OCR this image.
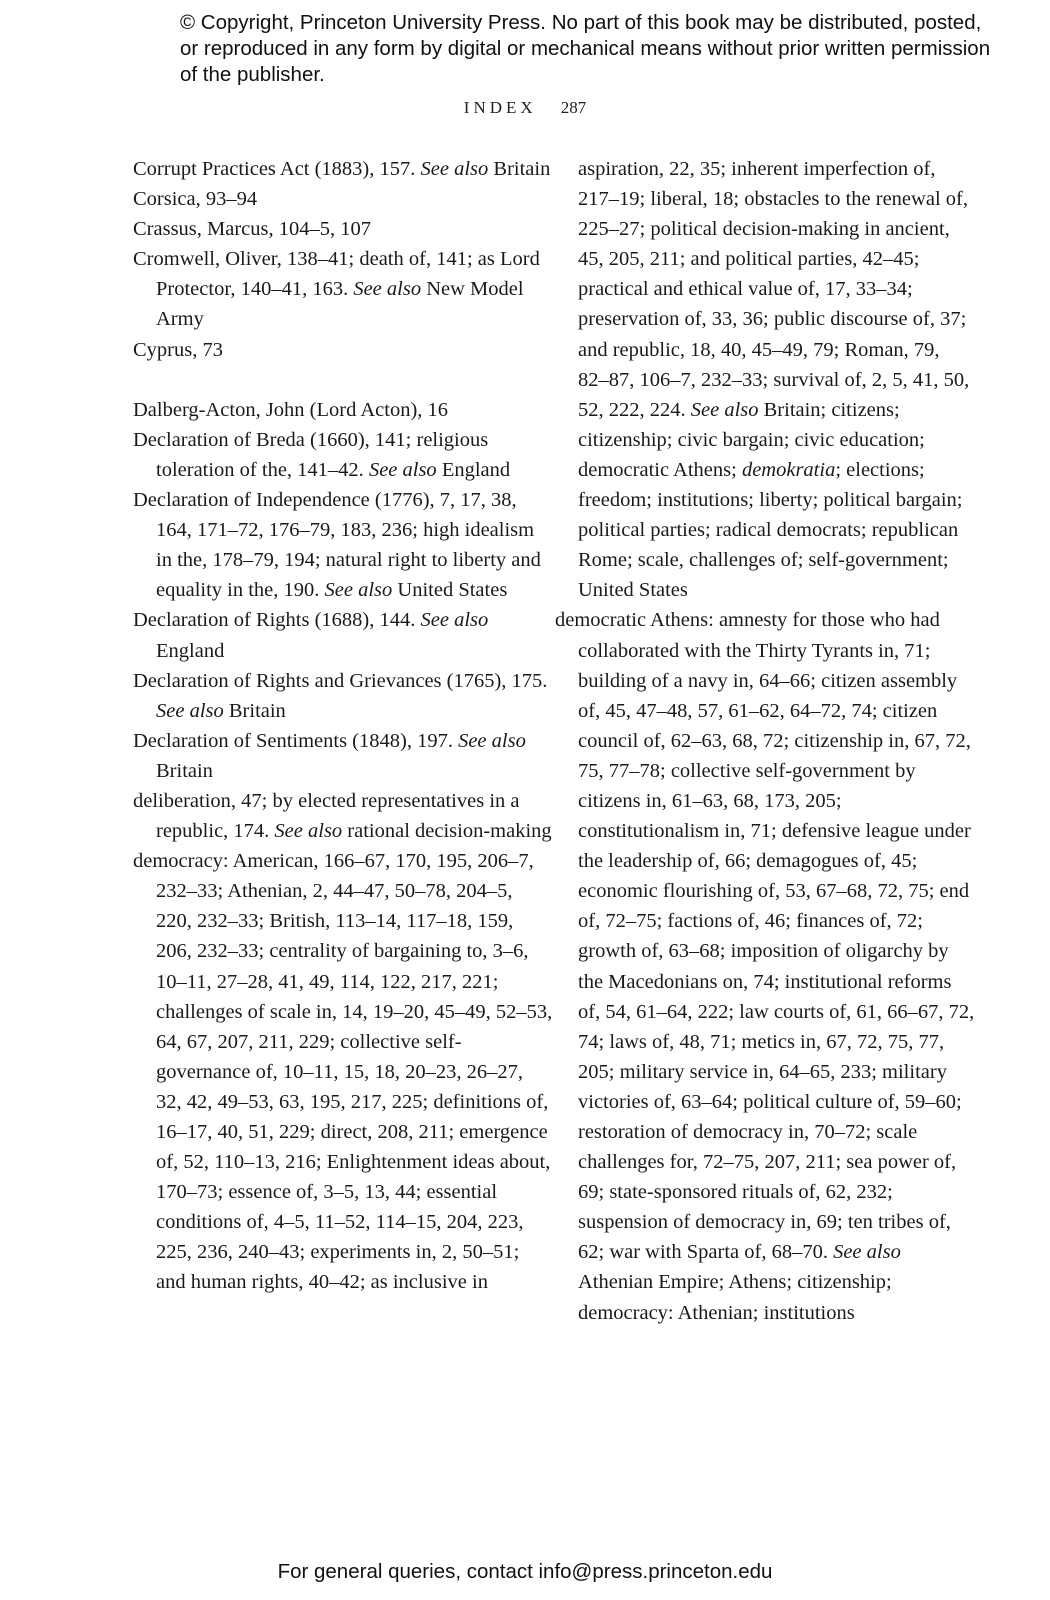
© Copyright, Princeton University Press. No part of this book may be distributed, posted, or reproduced in any form by digital or mechanical means without prior written permission of the publisher.

INDEX 287

Corrupt Practices Act (1883), 157. See also Britain

Corsica, 93–94

Crassus, Marcus, 104–5, 107

Cromwell, Oliver, 138–41; death of, 141; as Lord Protector, 140–41, 163. See also New Model Army

Cyprus, 73

Dalberg-Acton, John (Lord Acton), 16

Declaration of Breda (1660), 141; religious toleration of the, 141–42. See also England

Declaration of Independence (1776), 7, 17, 38, 164, 171–72, 176–79, 183, 236; high idealism in the, 178–79, 194; natural right to liberty and equality in the, 190. See also United States

Declaration of Rights (1688), 144. See also England

Declaration of Rights and Grievances (1765), 175. See also Britain

Declaration of Sentiments (1848), 197. See also Britain

deliberation, 47; by elected representatives in a republic, 174. See also rational decision-making

democracy: American, 166–67, 170, 195, 206–7, 232–33; Athenian, 2, 44–47, 50–78, 204–5, 220, 232–33; British, 113–14, 117–18, 159, 206, 232–33; centrality of bargaining to, 3–6, 10–11, 27–28, 41, 49, 114, 122, 217, 221; challenges of scale in, 14, 19–20, 45–49, 52–53, 64, 67, 207, 211, 229; collective self-governance of, 10–11, 15, 18, 20–23, 26–27, 32, 42, 49–53, 63, 195, 217, 225; definitions of, 16–17, 40, 51, 229; direct, 208, 211; emergence of, 52, 110–13, 216; Enlightenment ideas about, 170–73; essence of, 3–5, 13, 44; essential conditions of, 4–5, 11–52, 114–15, 204, 223, 225, 236, 240–43; experiments in, 2, 50–51; and human rights, 40–42; as inclusive in

aspiration, 22, 35; inherent imperfection of, 217–19; liberal, 18; obstacles to the renewal of, 225–27; political decision-making in ancient, 45, 205, 211; and political parties, 42–45; practical and ethical value of, 17, 33–34; preservation of, 33, 36; public discourse of, 37; and republic, 18, 40, 45–49, 79; Roman, 79, 82–87, 106–7, 232–33; survival of, 2, 5, 41, 50, 52, 222, 224. See also Britain; citizens; citizenship; civic bargain; civic education; democratic Athens; demokratia; elections; freedom; institutions; liberty; political bargain; political parties; radical democrats; republican Rome; scale, challenges of; self-government; United States

democratic Athens: amnesty for those who had collaborated with the Thirty Tyrants in, 71; building of a navy in, 64–66; citizen assembly of, 45, 47–48, 57, 61–62, 64–72, 74; citizen council of, 62–63, 68, 72; citizenship in, 67, 72, 75, 77–78; collective self-government by citizens in, 61–63, 68, 173, 205; constitutionalism in, 71; defensive league under the leadership of, 66; demagogues of, 45; economic flourishing of, 53, 67–68, 72, 75; end of, 72–75; factions of, 46; finances of, 72; growth of, 63–68; imposition of oligarchy by the Macedonians on, 74; institutional reforms of, 54, 61–64, 222; law courts of, 61, 66–67, 72, 74; laws of, 48, 71; metics in, 67, 72, 75, 77, 205; military service in, 64–65, 233; military victories of, 63–64; political culture of, 59–60; restoration of democracy in, 70–72; scale challenges for, 72–75, 207, 211; sea power of, 69; state-sponsored rituals of, 62, 232; suspension of democracy in, 69; ten tribes of, 62; war with Sparta of, 68–70. See also Athenian Empire; Athens; citizenship; democracy: Athenian; institutions

For general queries, contact info@press.princeton.edu
